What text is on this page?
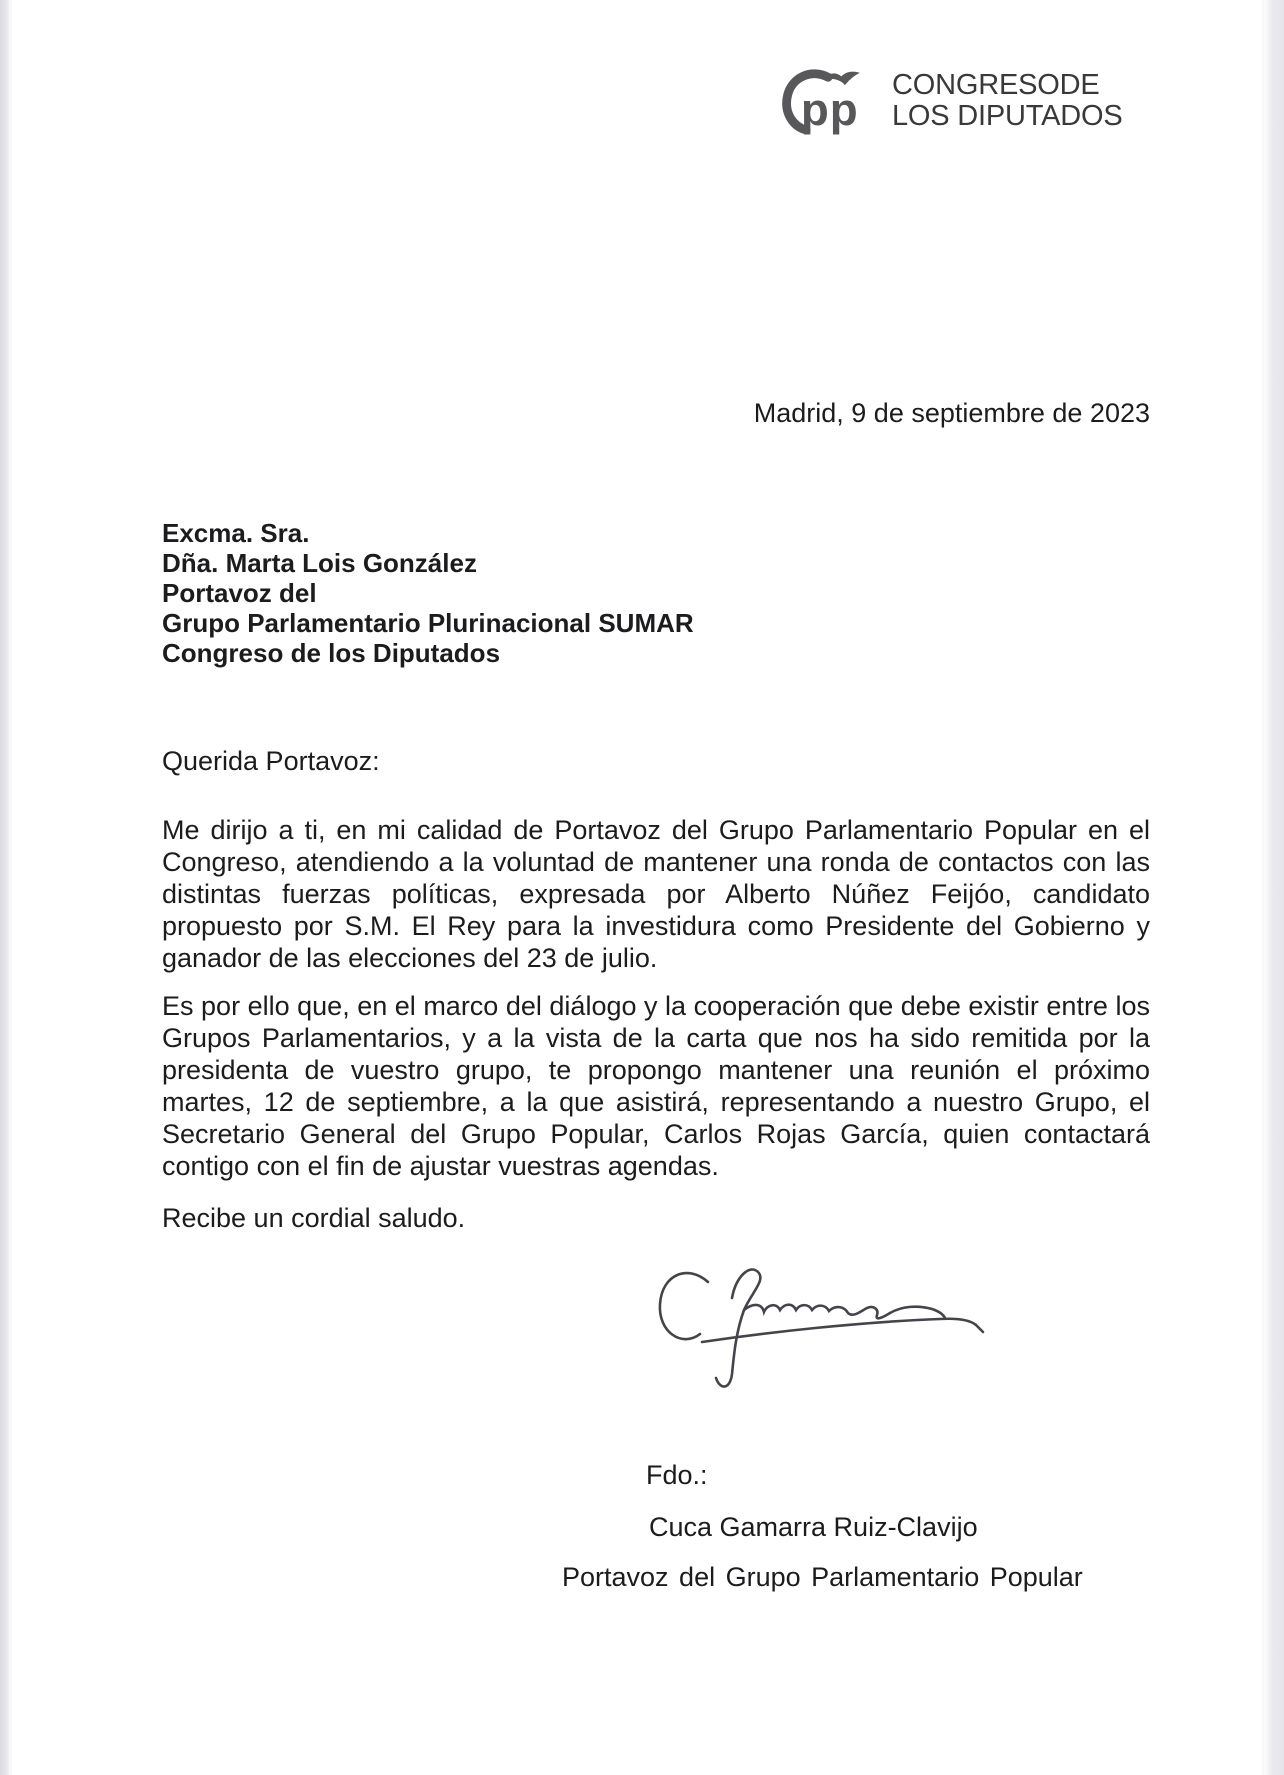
pp CONGRESODE
LOS DIPUTADOS
Madrid, 9 de septiembre de 2023
Excma. Sra.
Dña. Marta Lois González
Portavoz del
Grupo Parlamentario Plurinacional SUMAR
Congreso de los Diputados
Querida Portavoz:
Me dirijo a ti, en mi calidad de Portavoz del Grupo Parlamentario Popular en el Congreso, atendiendo a la voluntad de mantener una ronda de contactos con las distintas fuerzas políticas, expresada por Alberto Núñez Feijóo, candidato propuesto por S.M. El Rey para la investidura como Presidente del Gobierno y ganador de las elecciones del 23 de julio.
Es por ello que, en el marco del diálogo y la cooperación que debe existir entre los Grupos Parlamentarios, y a la vista de la carta que nos ha sido remitida por la presidenta de vuestro grupo, te propongo mantener una reunión el próximo martes, 12 de septiembre, a la que asistirá, representando a nuestro Grupo, el Secretario General del Grupo Popular, Carlos Rojas García, quien contactará contigo con el fin de ajustar vuestras agendas.
Recibe un cordial saludo.
Fdo.:
Cuca Gamarra Ruiz-Clavijo
Portavoz del Grupo Parlamentario Popular
